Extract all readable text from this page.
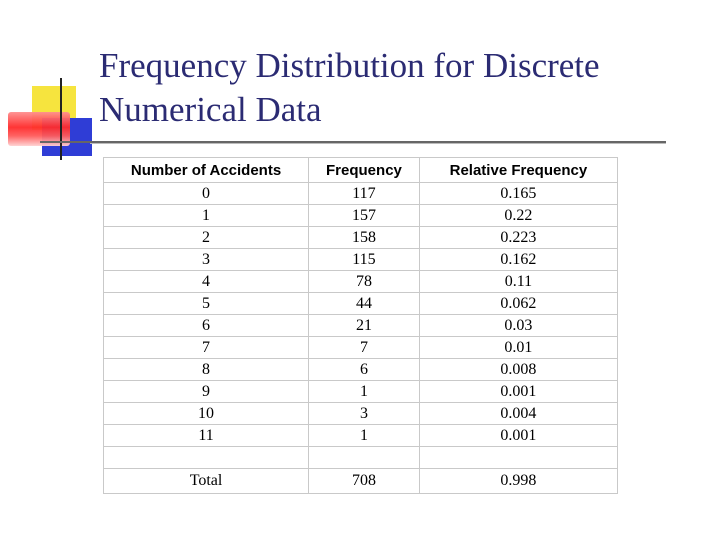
Frequency Distribution for Discrete
Numerical Data
Number of Accidents	Frequency	Relative Frequency
0	117	0.165
1	157	0.22
2	158	0.223
3	115	0.162
4	78	0.11
5	44	0.062
6	21	0.03
7	7	0.01
8	6	0.008
9	1	0.001
10	3	0.004
11	1	0.001

Total	708	0.998
